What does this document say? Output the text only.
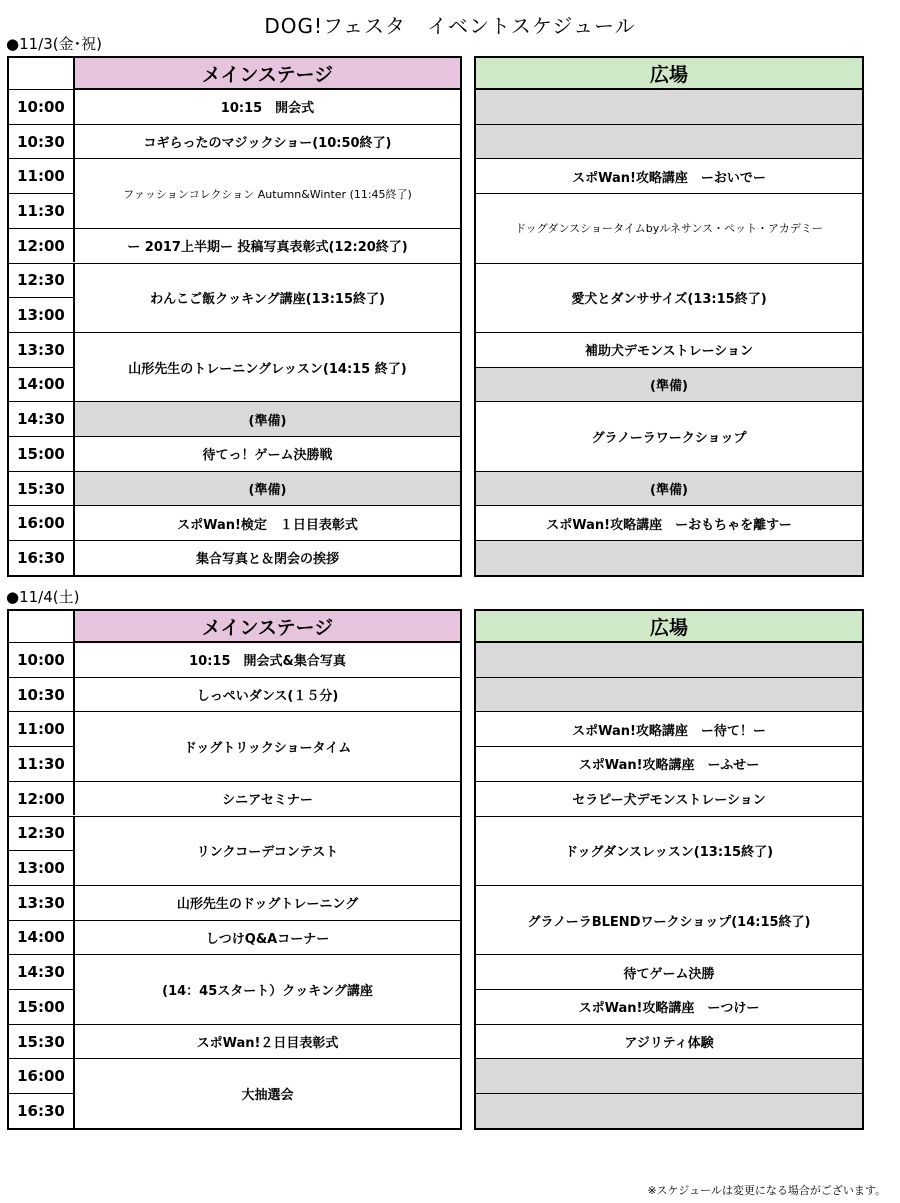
DOG!フェスタ　イベントスケジュール
●11/3(金･祝)
●11/4(土)
メインステージ	広場
10:00
10:30
11:00
11:30
12:00
12:30
13:00
13:30
14:00
14:30
15:00
15:30
16:00
16:30
10:15　開会式
コギらったのマジックショー(10:50終了)
ファッションコレクション Autumn&Winter (11:45終了)
ー 2017上半期ー 投稿写真表彰式(12:20終了)
わんこご飯クッキング講座(13:15終了)
山形先生のトレーニングレッスン(14:15 終了)
(準備)
待てっ！ゲーム決勝戦
(準備)
スポWan!検定　１日目表彰式
集合写真と＆閉会の挨拶
スポWan!攻略講座　ーおいでー
ドッグダンスショータイムbyルネサンス・ペット・アカデミー
愛犬とダンササイズ(13:15終了)
補助犬デモンストレーション
(準備)
グラノーラワークショップ
(準備)
スポWan!攻略講座　ーおもちゃを離すー
メインステージ	広場
10:00
10:30
11:00
11:30
12:00
12:30
13:00
13:30
14:00
14:30
15:00
15:30
16:00
16:30
10:15　開会式&集合写真
しっぺいダンス(１５分)
ドッグトリックショータイム
シニアセミナー
リンクコーデコンテスト
山形先生のドッグトレーニング
しつけQ&Aコーナー
(14：45スタート）クッキング講座
スポWan!２日目表彰式
大抽選会
スポWan!攻略講座　ー待て！ー
スポWan!攻略講座　ーふせー
セラピー犬デモンストレーション
ドッグダンスレッスン(13:15終了)
グラノーラBLENDワークショップ(14:15終了)
待てゲーム決勝
スポWan!攻略講座　ーつけー
アジリティ体験
※スケジュールは変更になる場合がございます。
